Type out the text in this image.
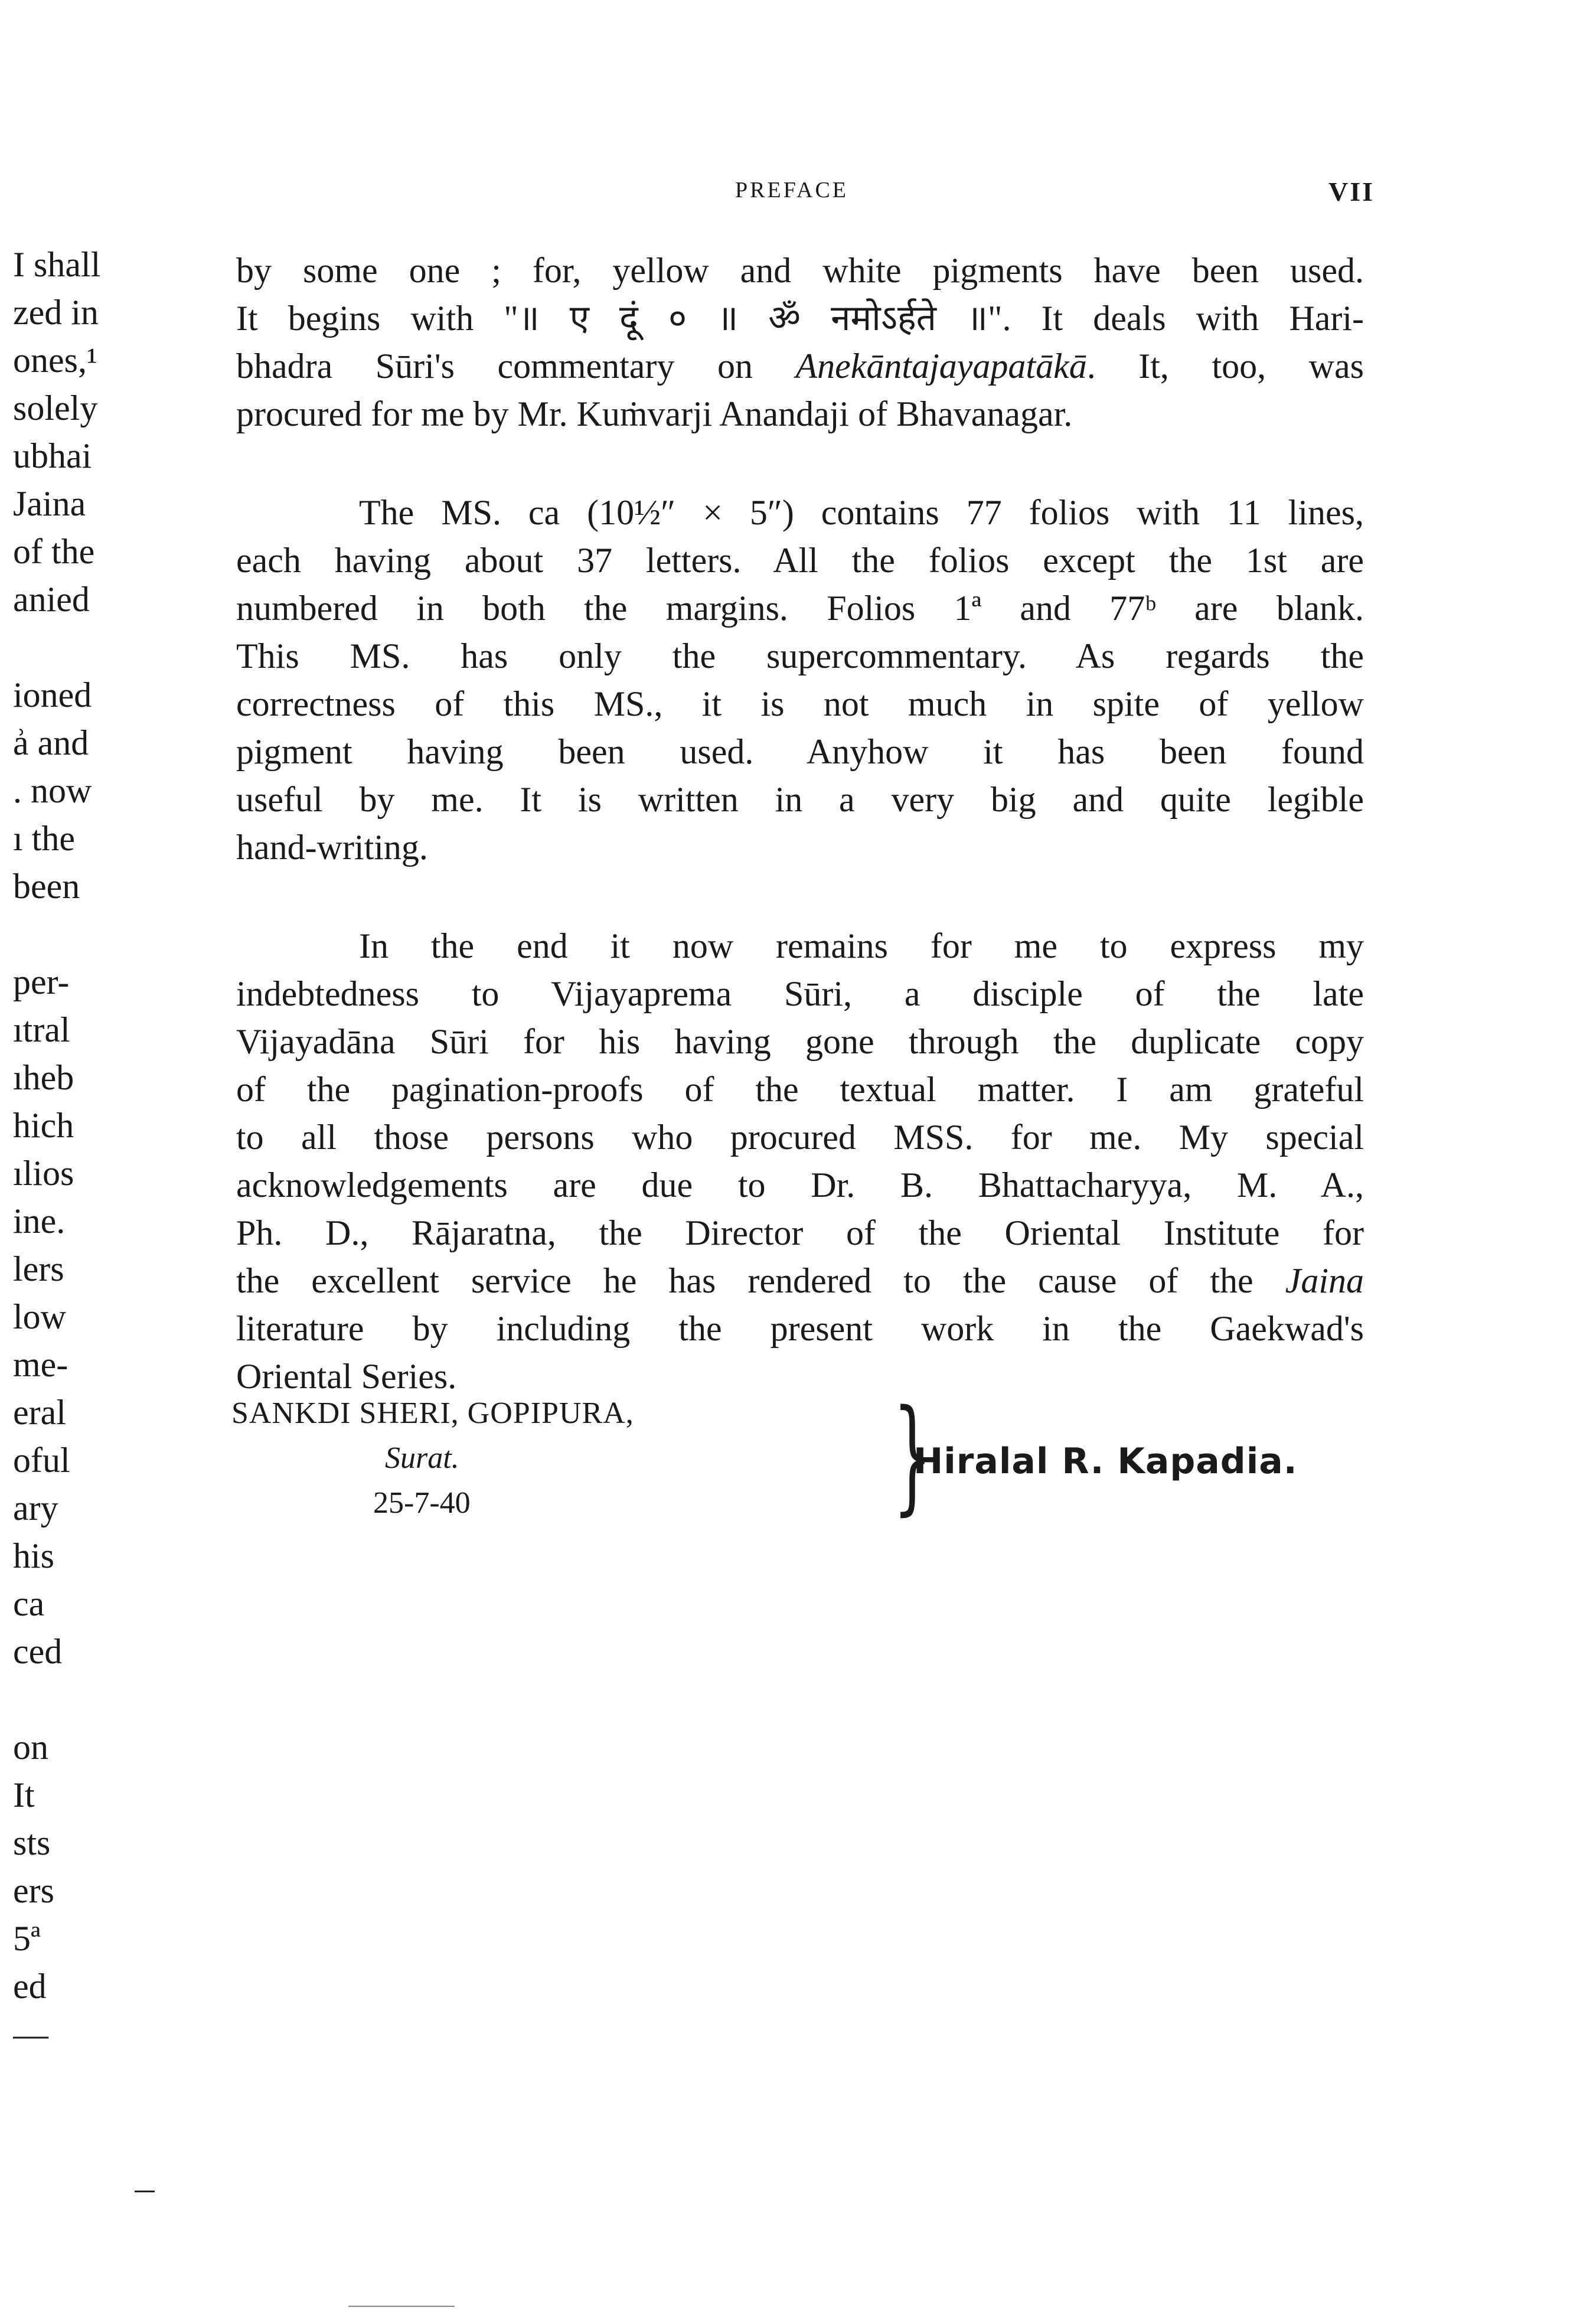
PREFACE	VII
I shall
zed in
ones,¹
solely
ubhai
Jaina
of the
anied
ioned
ẚ and
. now
ı the
been
per-
ıtral
ıheb
hich
ılios
ine.
lers
low
me-
eral
oful
ary
his
ca
ced
on
It
sts
ers
5ª
ed
—

by some one ; for, yellow and white pigments have been used.
It begins with "॥ ए दूं ० ॥ ॐ नमोऽर्हते ॥". It deals with Hari-
bhadra Sūri's commentary on Anekāntajayapatākā. It, too, was
procured for me by Mr. Kuṁvarji Anandaji of Bhavanagar.

The MS. ca (10½″ × 5″) contains 77 folios with 11 lines,
each having about 37 letters. All the folios except the 1st are
numbered in both the margins. Folios 1ª and 77ᵇ are blank.
This MS. has only the supercommentary. As regards the
correctness of this MS., it is not much in spite of yellow
pigment having been used. Anyhow it has been found
useful by me. It is written in a very big and quite legible
hand-writing.

In the end it now remains for me to express my
indebtedness to Vijayaprema Sūri, a disciple of the late
Vijayadāna Sūri for his having gone through the duplicate copy
of the pagination-proofs of the textual matter. I am grateful
to all those persons who procured MSS. for me. My special
acknowledgements are due to Dr. B. Bhattacharyya, M. A.,
Ph. D., Rājaratna, the Director of the Oriental Institute for
the excellent service he has rendered to the cause of the Jaina
literature by including the present work in the Gaekwad's
Oriental Series.

SANKDI SHERI, GOPIPURA,
Surat.
25-7-40	}
Hiralal R. Kapadia.
